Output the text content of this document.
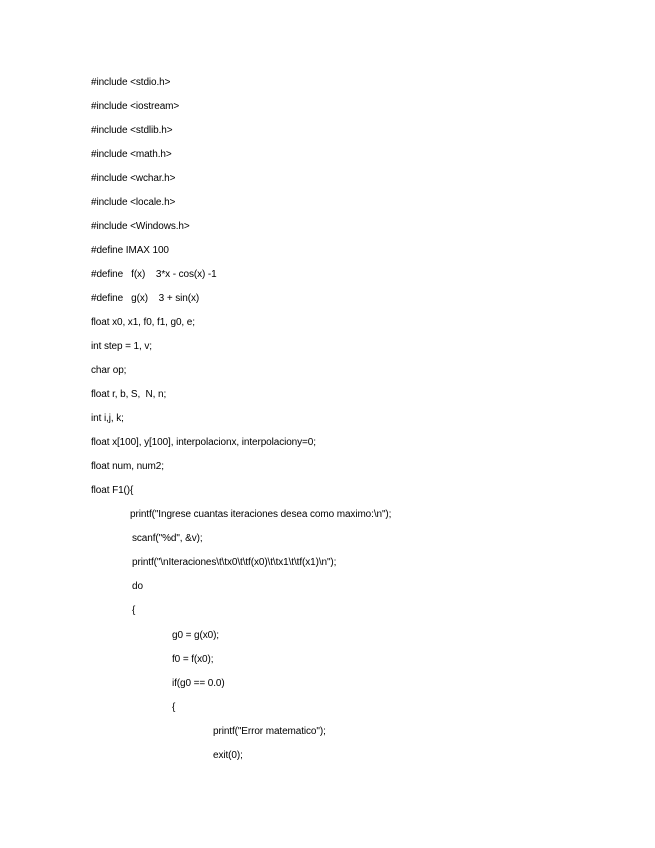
#include <stdio.h>

#include <iostream>

#include <stdlib.h>

#include <math.h>

#include <wchar.h>

#include <locale.h>

#include <Windows.h>

#define IMAX 100

#define   f(x)    3*x - cos(x) -1

#define   g(x)    3 + sin(x)

float x0, x1, f0, f1, g0, e;

int step = 1, v;

char op;

float r, b, S,  N, n;

int i,j, k;

float x[100], y[100], interpolacionx, interpolaciony=0;

float num, num2;

float F1(){

printf("Ingrese cuantas iteraciones desea como maximo:\n");

scanf("%d", &v);

printf("\nIteraciones\t\tx0\t\tf(x0)\t\tx1\t\tf(x1)\n");

do

{

g0 = g(x0);

f0 = f(x0);

if(g0 == 0.0)

{

printf("Error matematico");

exit(0);
